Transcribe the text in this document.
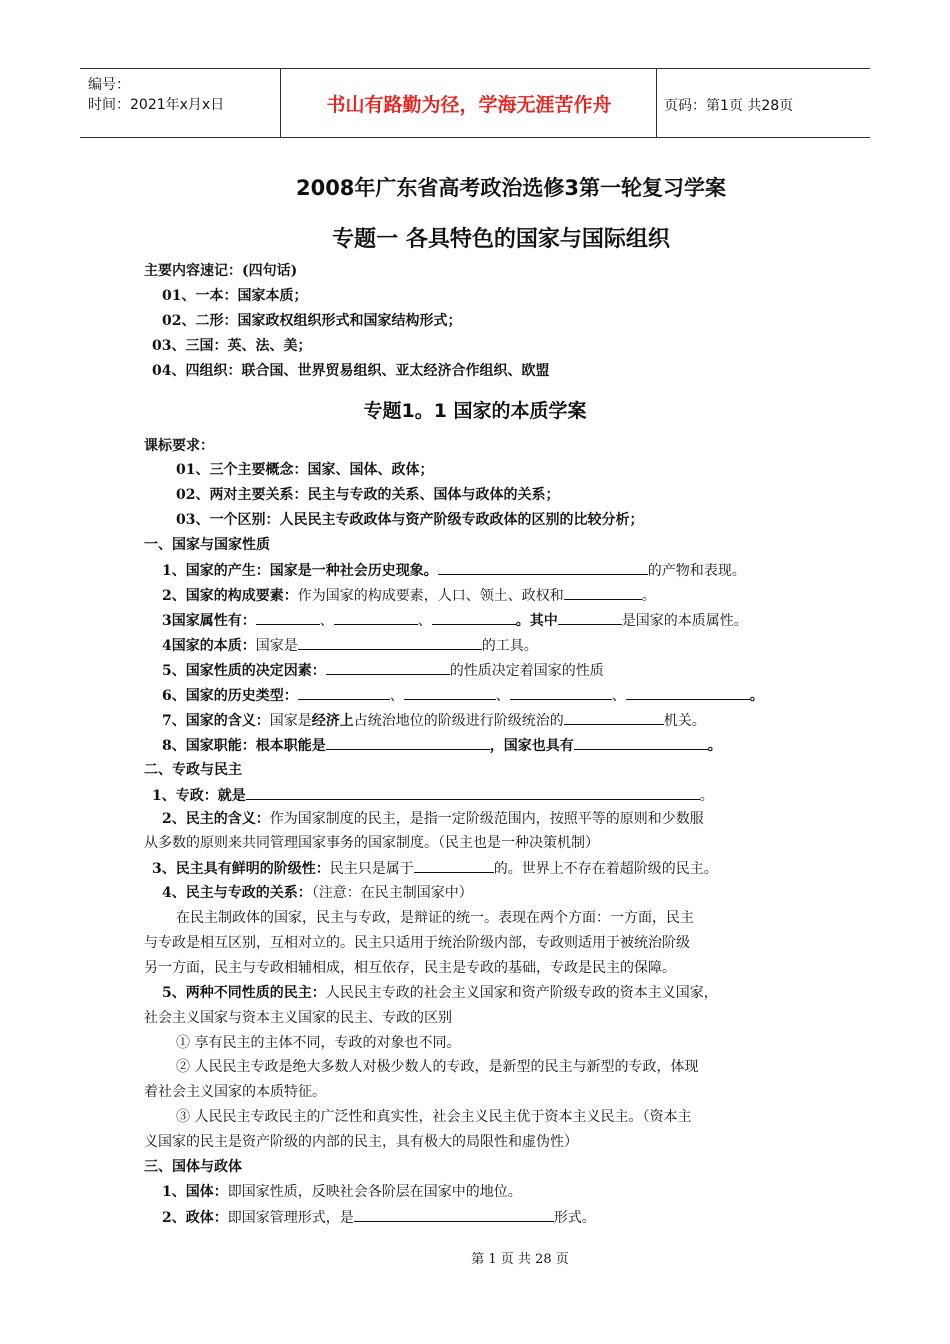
编号：
时间：2021年x月x日	书山有路勤为径，学海无涯苦作舟	页码：第1页 共28页
2008年广东省高考政治选修3第一轮复习学案
专题一 各具特色的国家与国际组织
主要内容速记：(四句话)
01、一本：国家本质；
02、二形：国家政权组织形式和国家结构形式；
03、三国：英、法、美；
04、四组织：联合国、世界贸易组织、亚太经济合作组织、欧盟
专题1。1 国家的本质学案
课标要求：
01、三个主要概念：国家、国体、政体；
02、两对主要关系：民主与专政的关系、国体与政体的关系；
03、一个区别：人民民主专政政体与资产阶级专政政体的区别的比较分析；
一、国家与国家性质
1、国家的产生：国家是一种社会历史现象。	的产物和表现。
2、国家的构成要素：作为国家的构成要素，人口、领土、政权和	。
3国家属性有：	、	、	。其中	是国家的本质属性。
4国家的本质：国家是	的工具。
5、国家性质的决定因素：	的性质决定着国家的性质
6、国家的历史类型：	、	、	、	。
7、国家的含义：国家是经济上占统治地位的阶级进行阶级统治的	机关。
8、国家职能：根本职能是	，国家也具有	。
二、专政与民主
1、专政：就是	。
2、民主的含义：作为国家制度的民主，是指一定阶级范围内，按照平等的原则和少数服
从多数的原则来共同管理国家事务的国家制度。（民主也是一种决策机制）
3、民主具有鲜明的阶级性：民主只是属于	的。世界上不存在着超阶级的民主。
4、民主与专政的关系：（注意：在民主制国家中）
在民主制政体的国家，民主与专政，是辩证的统一。表现在两个方面：一方面，民主
与专政是相互区别，互相对立的。民主只适用于统治阶级内部，专政则适用于被统治阶级
另一方面，民主与专政相辅相成，相互依存，民主是专政的基础，专政是民主的保障。
5、两种不同性质的民主：人民民主专政的社会主义国家和资产阶级专政的资本主义国家，
社会主义国家与资本主义国家的民主、专政的区别
① 享有民主的主体不同，专政的对象也不同。
② 人民民主专政是绝大多数人对极少数人的专政，是新型的民主与新型的专政，体现
着社会主义国家的本质特征。
③ 人民民主专政民主的广泛性和真实性，社会主义民主优于资本主义民主。（资本主
义国家的民主是资产阶级的内部的民主，具有极大的局限性和虚伪性）
三、国体与政体
1、国体：即国家性质，反映社会各阶层在国家中的地位。
2、政体：即国家管理形式，是	形式。
第 1 页 共 28 页
